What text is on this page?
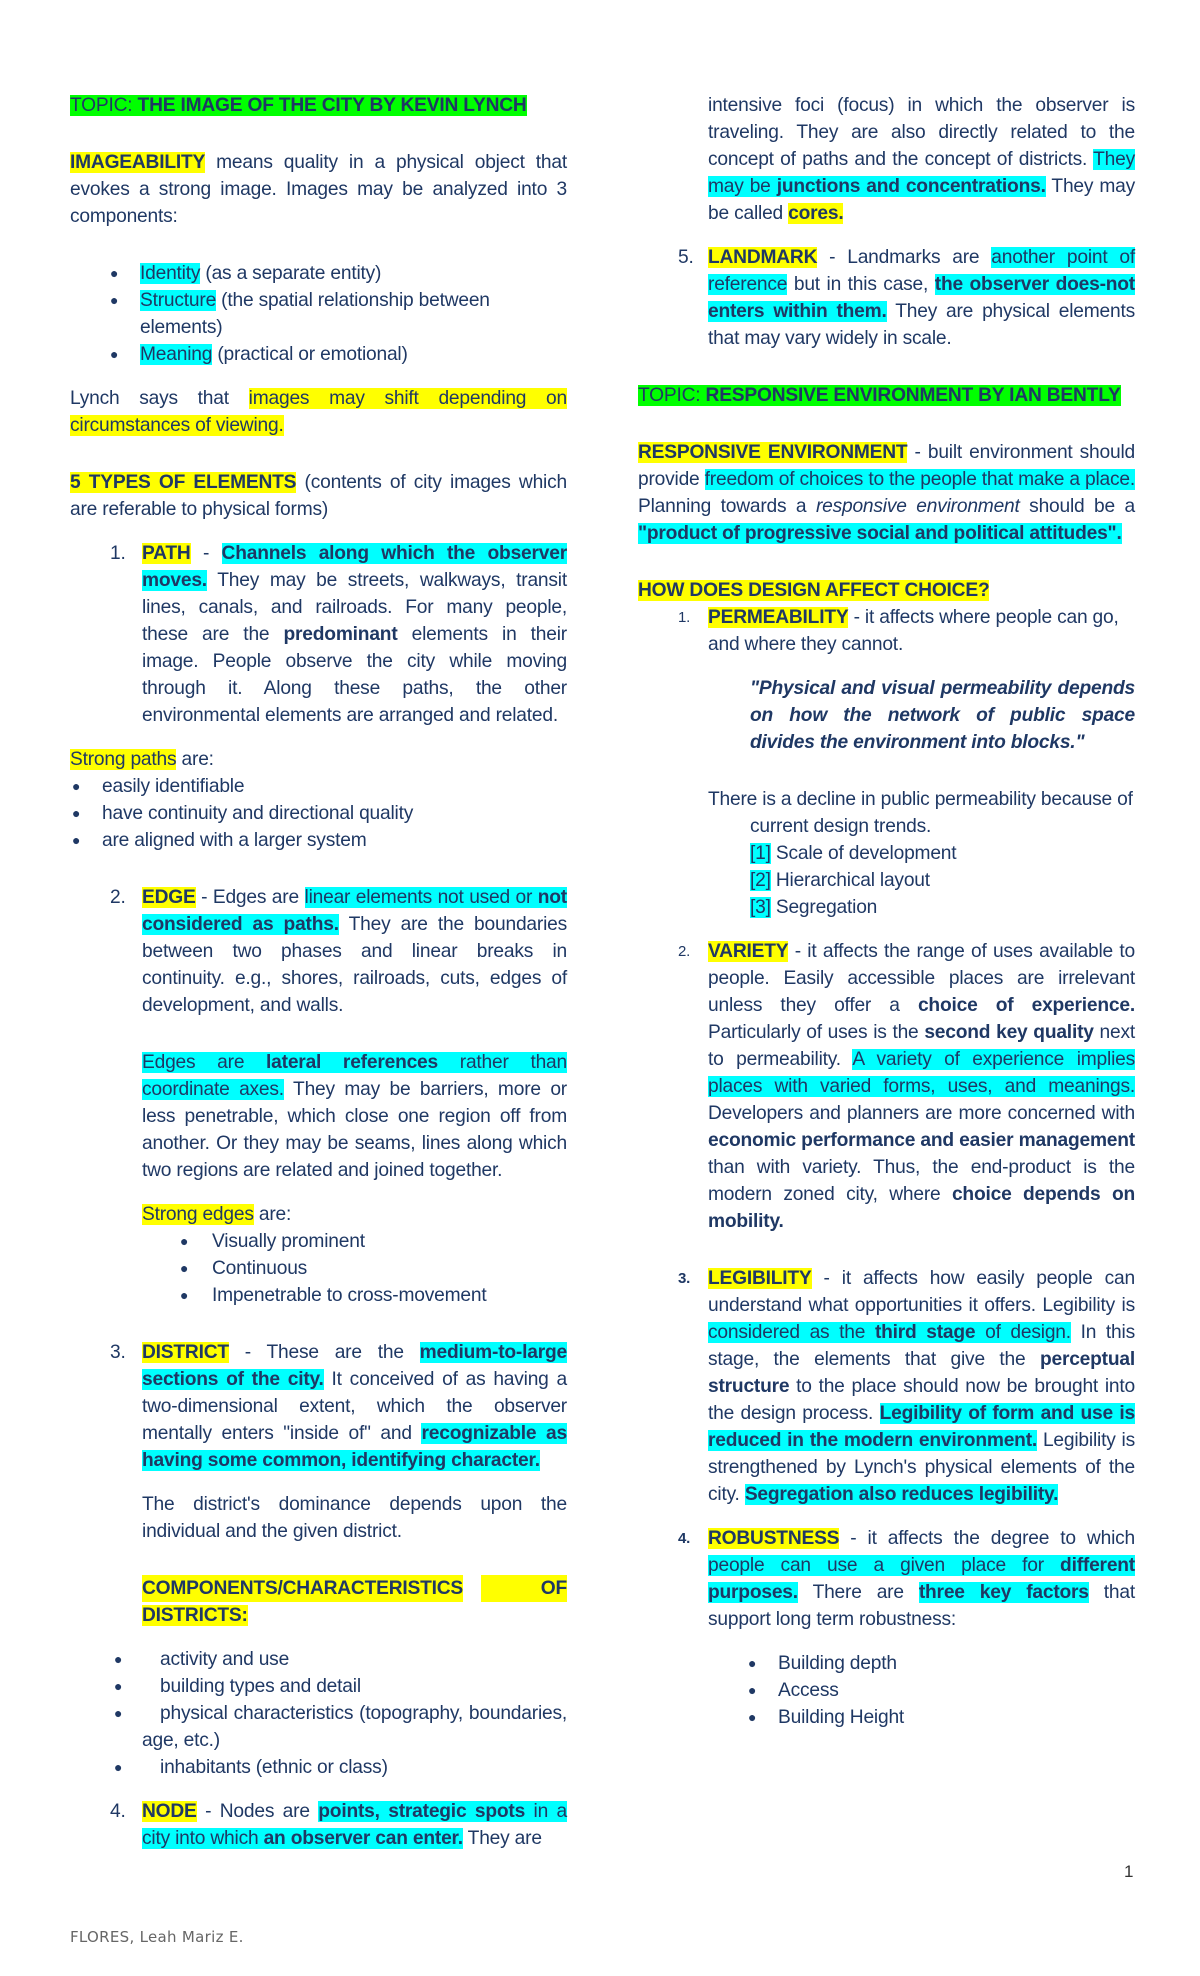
TOPIC: THE IMAGE OF THE CITY BY KEVIN LYNCH

IMAGEABILITY means quality in a physical object that evokes a strong image. Images may be analyzed into 3 components:

● Identity (as a separate entity)
● Structure (the spatial relationship between elements)
● Meaning (practical or emotional)

Lynch says that images may shift depending on circumstances of viewing.

5 TYPES OF ELEMENTS (contents of city images which are referable to physical forms)

1. PATH - Channels along which the observer moves. They may be streets, walkways, transit lines, canals, and railroads. For many people, these are the predominant elements in their image. People observe the city while moving through it. Along these paths, the other environmental elements are arranged and related.

Strong paths are:

● easily identifiable
● have continuity and directional quality
● are aligned with a larger system
2. EDGE - Edges are linear elements not used or not considered as paths. They are the boundaries between two phases and linear breaks in continuity. e.g., shores, railroads, cuts, edges of development, and walls.

Edges are lateral references rather than coordinate axes. They may be barriers, more or less penetrable, which close one region off from another. Or they may be seams, lines along which two regions are related and joined together.

Strong edges are:

● Visually prominent
● Continuous
● Impenetrable to cross-movement
3. DISTRICT - These are the medium-to-large sections of the city. It conceived of as having a two-dimensional extent, which the observer mentally enters "inside of" and recognizable as having some common, identifying character.

The district's dominance depends upon the individual and the given district.

COMPONENTS/CHARACTERISTICS	OF

DISTRICTS:

● activity and use
● building types and detail
● physical characteristics (topography, boundaries, age, etc.)
● inhabitants (ethnic or class)
4. NODE - Nodes are points, strategic spots in a city into which an observer can enter. They are

intensive foci (focus) in which the observer is traveling. They are also directly related to the concept of paths and the concept of districts. They may be junctions and concentrations. They may be called cores.

5. LANDMARK - Landmarks are another point of reference but in this case, the observer does-not enters within them. They are physical elements that may vary widely in scale.

TOPIC: RESPONSIVE ENVIRONMENT BY IAN BENTLY

RESPONSIVE ENVIRONMENT - built environment should provide freedom of choices to the people that make a place. Planning towards a responsive environment should be a "product of progressive social and political attitudes".

HOW DOES DESIGN AFFECT CHOICE?

1. PERMEABILITY - it affects where people can go, and where they cannot.

"Physical and visual permeability depends on how the network of public space divides the environment into blocks."

There is a decline in public permeability because of current design trends.

[1] Scale of development

[2] Hierarchical layout

[3] Segregation

2. VARIETY - it affects the range of uses available to people. Easily accessible places are irrelevant unless they offer a choice of experience. Particularly of uses is the second key quality next to permeability. A variety of experience implies places with varied forms, uses, and meanings. Developers and planners are more concerned with economic performance and easier management than with variety. Thus, the end-product is the modern zoned city, where choice depends on mobility.
3. LEGIBILITY - it affects how easily people can understand what opportunities it offers. Legibility is considered as the third stage of design. In this stage, the elements that give the perceptual structure to the place should now be brought into the design process. Legibility of form and use is reduced in the modern environment. Legibility is strengthened by Lynch's physical elements of the city. Segregation also reduces legibility.
4. ROBUSTNESS - it affects the degree to which people can use a given place for different purposes. There are three key factors that support long term robustness:
● Building depth
● Access
● Building Height
1
FLORES, Leah Mariz E.
